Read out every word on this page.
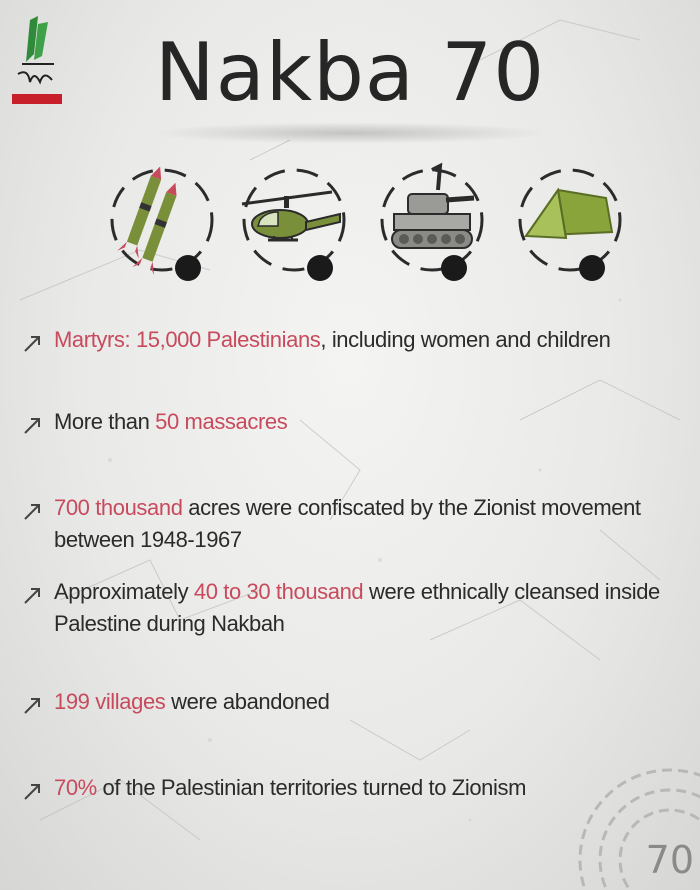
Nakba 70
Martyrs: 15,000 Palestinians, including women and children
More than 50 massacres
700 thousand acres were confiscated by the Zionist movement between 1948-1967
Approximately 40 to 30 thousand were ethnically cleansed inside Palestine during Nakbah
199 villages were abandoned
70% of the Palestinian territories turned to Zionism
70
